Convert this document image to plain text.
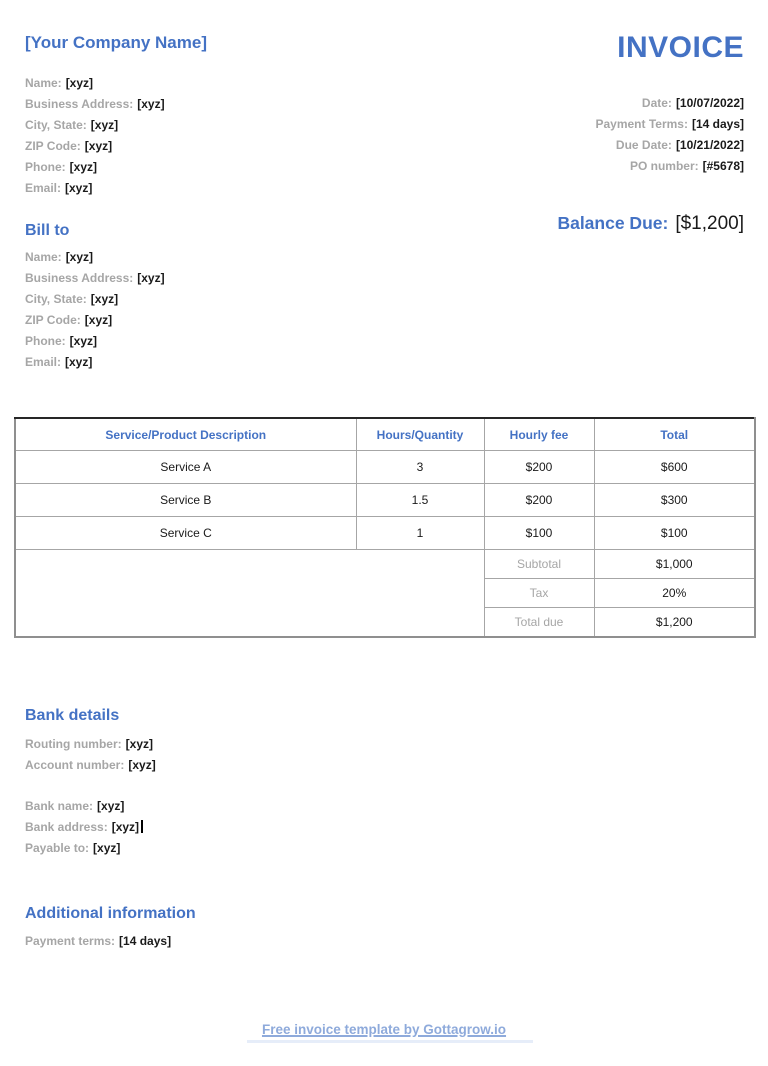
[Your Company Name]
Name: [xyz]
Business Address: [xyz]
City, State: [xyz]
ZIP Code: [xyz]
Phone: [xyz]
Email: [xyz]
INVOICE
Date: [10/07/2022]
Payment Terms: [14 days]
Due Date: [10/21/2022]
PO number: [#5678]
Balance Due: [$1,200]
Bill to
Name: [xyz]
Business Address: [xyz]
City, State: [xyz]
ZIP Code: [xyz]
Phone: [xyz]
Email: [xyz]
Service/Product Description	Hours/Quantity	Hourly fee	Total
Service A	3	$200	$600
Service B	1.5	$200	$300
Service C	1	$100	$100
		Subtotal	$1,000
		Tax	20%
		Total due	$1,200
Bank details
Routing number: [xyz]
Account number: [xyz]
Bank name: [xyz]
Bank address: [xyz]
Payable to: [xyz]
Additional information
Payment terms: [14 days]
Free invoice template by Gottagrow.io
